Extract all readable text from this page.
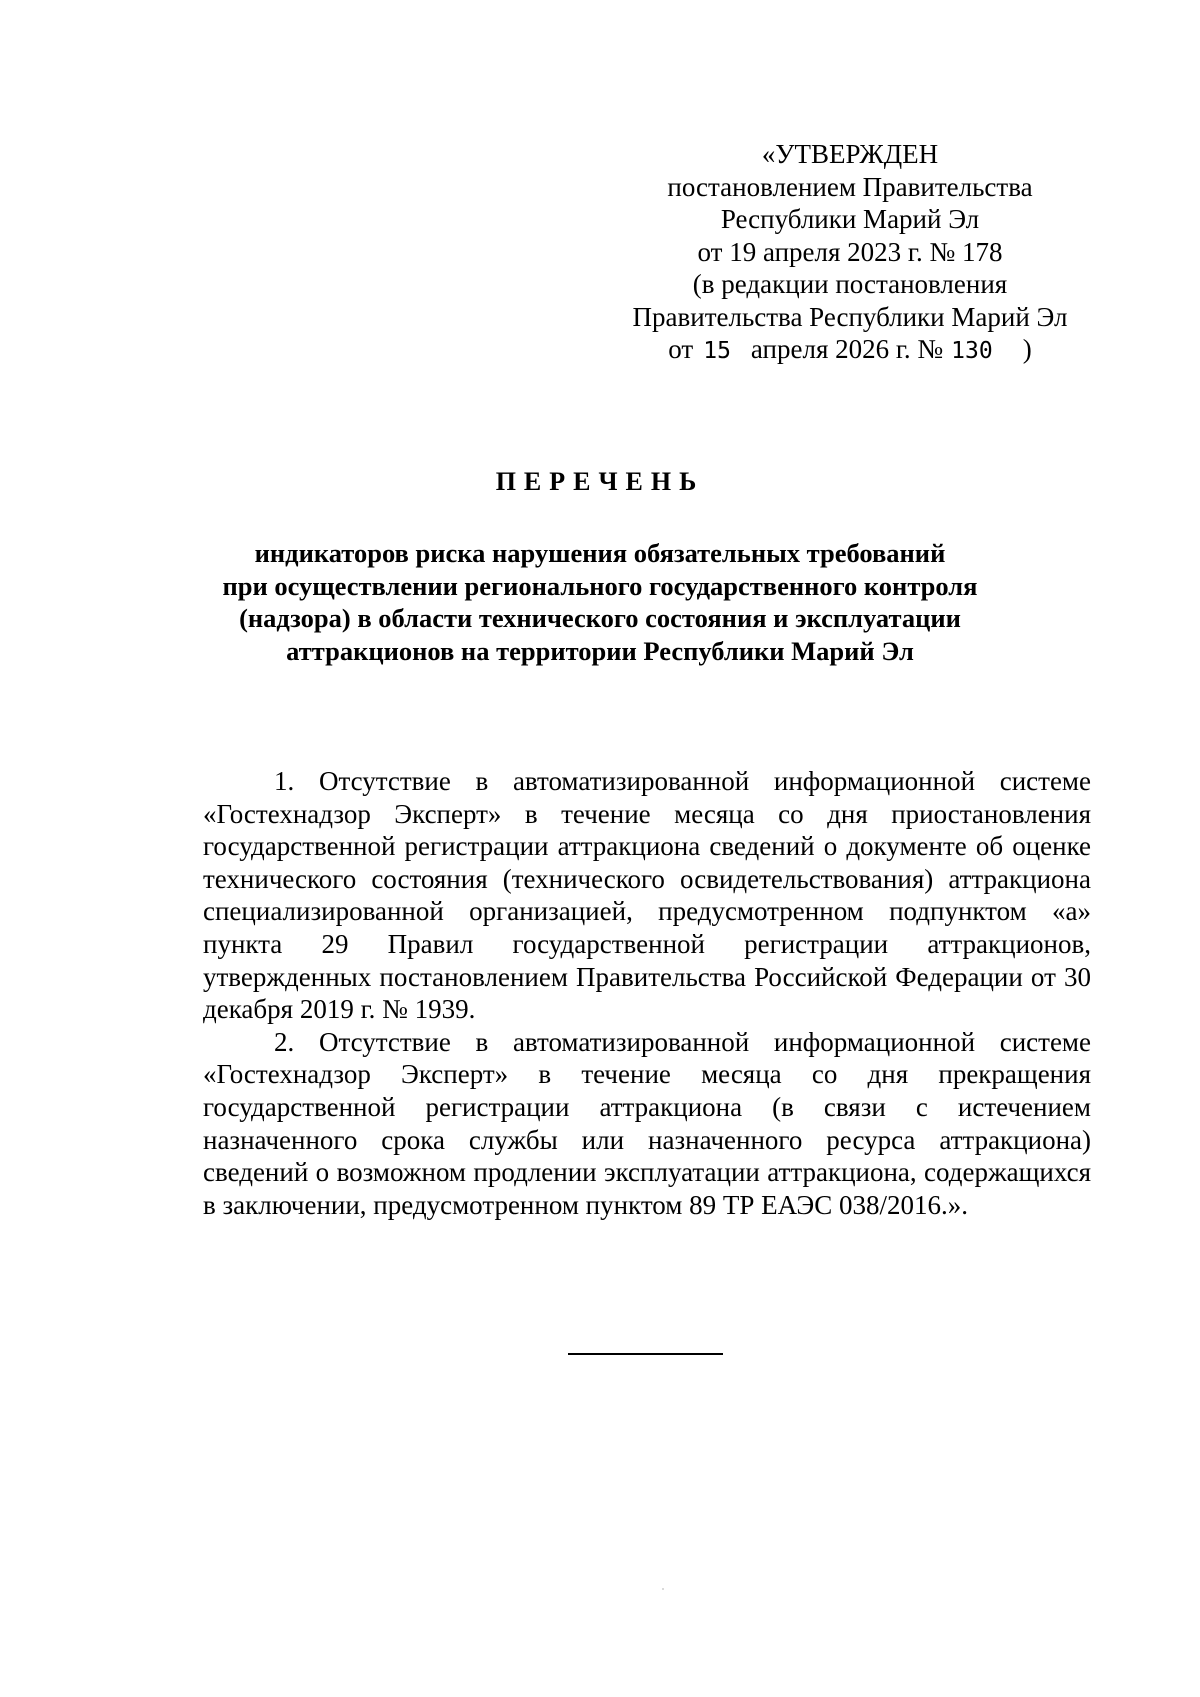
«УТВЕРЖДЕН
постановлением Правительства
Республики Марий Эл
от 19 апреля 2023 г. № 178
(в редакции постановления
Правительства Республики Марий Эл
от 15 апреля 2026 г. № 130 )
ПЕРЕЧЕНЬ
индикаторов риска нарушения обязательных требований
при осуществлении регионального государственного контроля
(надзора) в области технического состояния и эксплуатации
аттракционов на территории Республики Марий Эл

1. Отсутствие в автоматизированной информационной системе «Гостехнадзор Эксперт» в течение месяца со дня приостановления государственной регистрации аттракциона сведений о документе об оценке технического состояния (технического освидетельствования) аттракциона специализированной организацией, предусмотренном подпунктом «а» пункта 29 Правил государственной регистрации аттракционов, утвержденных постановлением Правительства Российской Федерации от 30 декабря 2019 г. № 1939.

2. Отсутствие в автоматизированной информационной системе «Гостехнадзор Эксперт» в течение месяца со дня прекращения государственной регистрации аттракциона (в связи с истечением назначенного срока службы или назначенного ресурса аттракциона) сведений о возможном продлении эксплуатации аттракциона, содержащихся в заключении, предусмотренном пунктом 89 ТР ЕАЭС 038/2016.».
